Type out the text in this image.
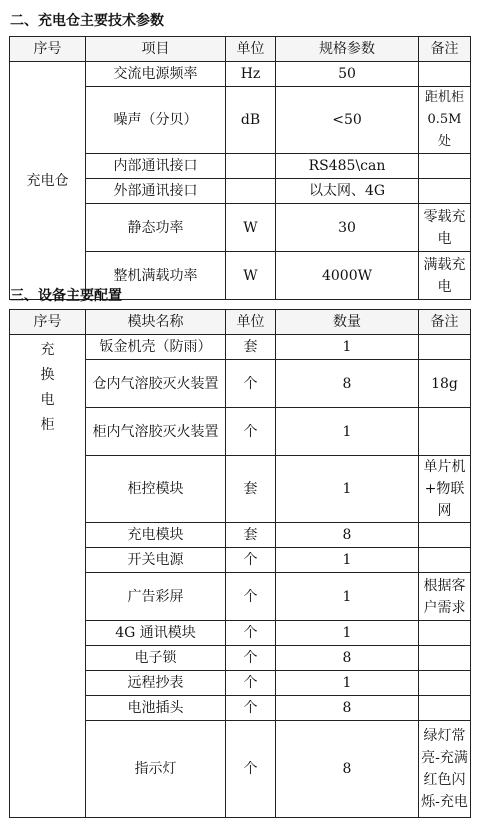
二、充电仓主要技术参数
序号	项目	单位	规格参数	备注
充电仓	交流电源频率	Hz	50	
	噪声（分贝）	dB	<50	距机柜 0.5M 处
	内部通讯接口		RS485\can	
	外部通讯接口		以太网、4G	
	静态功率	W	30	零载充电
	整机满载功率	W	4000W	满载充电
三、设备主要配置
序号	模块名称	单位	数量	备注

充 换 电 柜	钣金机壳（防雨）	套	1	
	仓内气溶胶灭火装置	个	8	18g
	柜内气溶胶灭火装置	个	1	
	柜控模块	套	1	单片机+物联网
	充电模块	套	8	
	开关电源	个	1	
	广告彩屏	个	1	根据客户需求
	4G 通讯模块	个	1	
	电子锁	个	8	
	远程抄表	个	1	
	电池插头	个	8	
	指示灯	个	8	绿灯常亮-充满红色闪烁-充电
